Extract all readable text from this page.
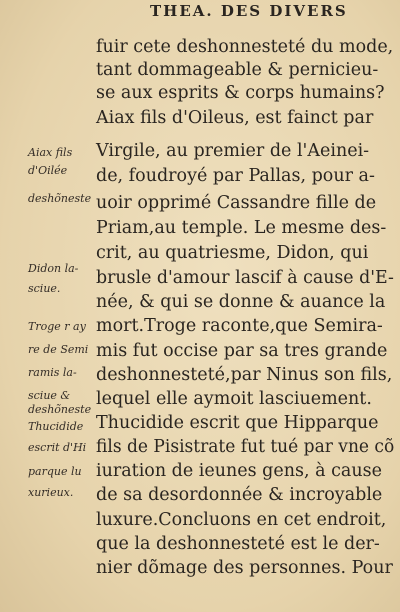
THEA. DES DIVERS
fuir cete deshonnesteté du mode,
tant dommageable & pernicieu-
se aux esprits & corps humains?
Aiax fils d'Oileus, est fainct par
Virgile, au premier de l'Aeinei-
de, foudroyé par Pallas, pour a-
uoir opprimé Cassandre fille de
Priam,au temple. Le mesme des-
crit, au quatriesme, Didon, qui
brusle d'amour lascif à cause d'E-
née, & qui se donne & auance la
mort.Troge raconte,que Semira-
mis fut occise par sa tres grande
deshonnesteté,par Ninus son fils,
lequel elle aymoit lasciuement.
Thucidide escrit que Hipparque
fils de Pisistrate fut tué par vne cõ
iuration de ieunes gens, à cause
de sa desordonnée & incroyable
luxure.Concluons en cet endroit,
que la deshonnesteté est le der-
nier dõmage des personnes. Pour
Aiax fils
d'Oilée
deshõneste
Didon la-
sciue.
Troge r ay
re de Semi
ramis la-
sciue &
deshõneste
Thucidide
escrit d'Hi
parque lu
xurieux.
